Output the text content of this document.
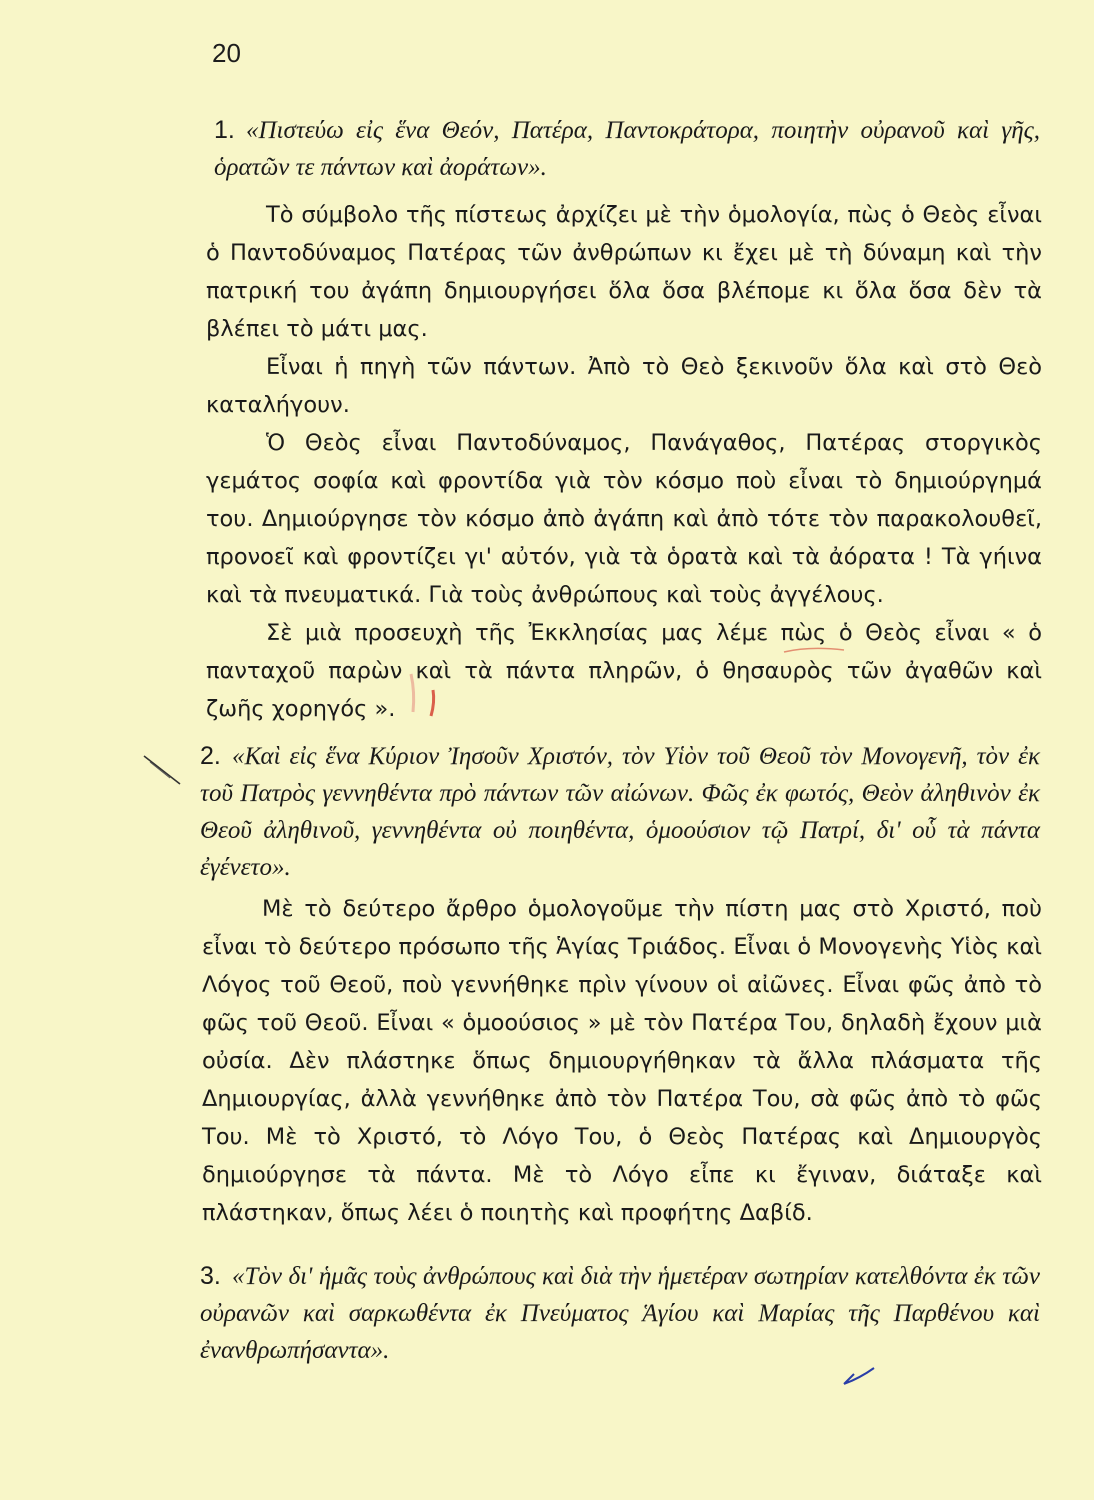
20
1. «Πιστεύω εἰς ἕνα Θεόν, Πατέρα, Παντοκράτορα, ποιητὴν οὐρανοῦ καὶ γῆς, ὁρατῶν τε πάντων καὶ ἀοράτων».

Τὸ σύμβολο τῆς πίστεως ἀρχίζει μὲ τὴν ὁμολογία, πὼς ὁ Θεὸς εἶναι ὁ Παντοδύναμος Πατέρας τῶν ἀνθρώπων κι ἔχει μὲ τὴ δύναμη καὶ τὴν πατρική του ἀγάπη δημιουργήσει ὅλα ὅσα βλέπομε κι ὅλα ὅσα δὲν τὰ βλέπει τὸ μάτι μας.

Εἶναι ἡ πηγὴ τῶν πάντων. Ἀπὸ τὸ Θεὸ ξεκινοῦν ὅλα καὶ στὸ Θεὸ καταλήγουν.

Ὁ Θεὸς εἶναι Παντοδύναμος, Πανάγαθος, Πατέρας στοργικὸς γεμάτος σοφία καὶ φροντίδα γιὰ τὸν κόσμο ποὺ εἶναι τὸ δημιούργημά του. Δημιούργησε τὸν κόσμο ἀπὸ ἀγάπη καὶ ἀπὸ τότε τὸν παρακολουθεῖ, προνοεῖ καὶ φροντίζει γι' αὐτόν, γιὰ τὰ ὁρατὰ καὶ τὰ ἀόρατα ! Τὰ γήινα καὶ τὰ πνευματικά. Γιὰ τοὺς ἀνθρώπους καὶ τοὺς ἀγγέλους.

Σὲ μιὰ προσευχὴ τῆς Ἐκκλησίας μας λέμε πὼς ὁ Θεὸς εἶναι « ὁ πανταχοῦ παρὼν καὶ τὰ πάντα πληρῶν, ὁ θησαυρὸς τῶν ἀγαθῶν καὶ ζωῆς χορηγός ».

2. «Καὶ εἰς ἕνα Κύριον Ἰησοῦν Χριστόν, τὸν Υἱὸν τοῦ Θεοῦ τὸν Μονογενῆ, τὸν ἐκ τοῦ Πατρὸς γεννηθέντα πρὸ πάντων τῶν αἰώνων. Φῶς ἐκ φωτός, Θεὸν ἀληθινὸν ἐκ Θεοῦ ἀληθινοῦ, γεννηθέντα οὐ ποιηθέντα, ὁμοούσιον τῷ Πατρί, δι' οὗ τὰ πάντα ἐγένετο».

Μὲ τὸ δεύτερο ἄρθρο ὁμολογοῦμε τὴν πίστη μας στὸ Χριστό, ποὺ εἶναι τὸ δεύτερο πρόσωπο τῆς Ἁγίας Τριάδος. Εἶναι ὁ Μονογενὴς Υἱὸς καὶ Λόγος τοῦ Θεοῦ, ποὺ γεννήθηκε πρὶν γίνουν οἱ αἰῶνες. Εἶναι φῶς ἀπὸ τὸ φῶς τοῦ Θεοῦ. Εἶναι « ὁμοούσιος » μὲ τὸν Πατέρα Του, δηλαδὴ ἔχουν μιὰ οὐσία. Δὲν πλάστηκε ὅπως δημιουργήθηκαν τὰ ἄλλα πλάσματα τῆς Δημιουργίας, ἀλλὰ γεννήθηκε ἀπὸ τὸν Πατέρα Του, σὰ φῶς ἀπὸ τὸ φῶς Του. Μὲ τὸ Χριστό, τὸ Λόγο Του, ὁ Θεὸς Πατέρας καὶ Δημιουργὸς δημιούργησε τὰ πάντα. Μὲ τὸ Λόγο εἶπε κι ἔγιναν, διάταξε καὶ πλάστηκαν, ὅπως λέει ὁ ποιητὴς καὶ προφήτης Δαβίδ.

3. «Τὸν δι' ἡμᾶς τοὺς ἀνθρώπους καὶ διὰ τὴν ἡμετέραν σωτηρίαν κατελθόντα ἐκ τῶν οὐρανῶν καὶ σαρκωθέντα ἐκ Πνεύματος Ἁγίου καὶ Μαρίας τῆς Παρθένου καὶ ἐνανθρωπήσαντα».
